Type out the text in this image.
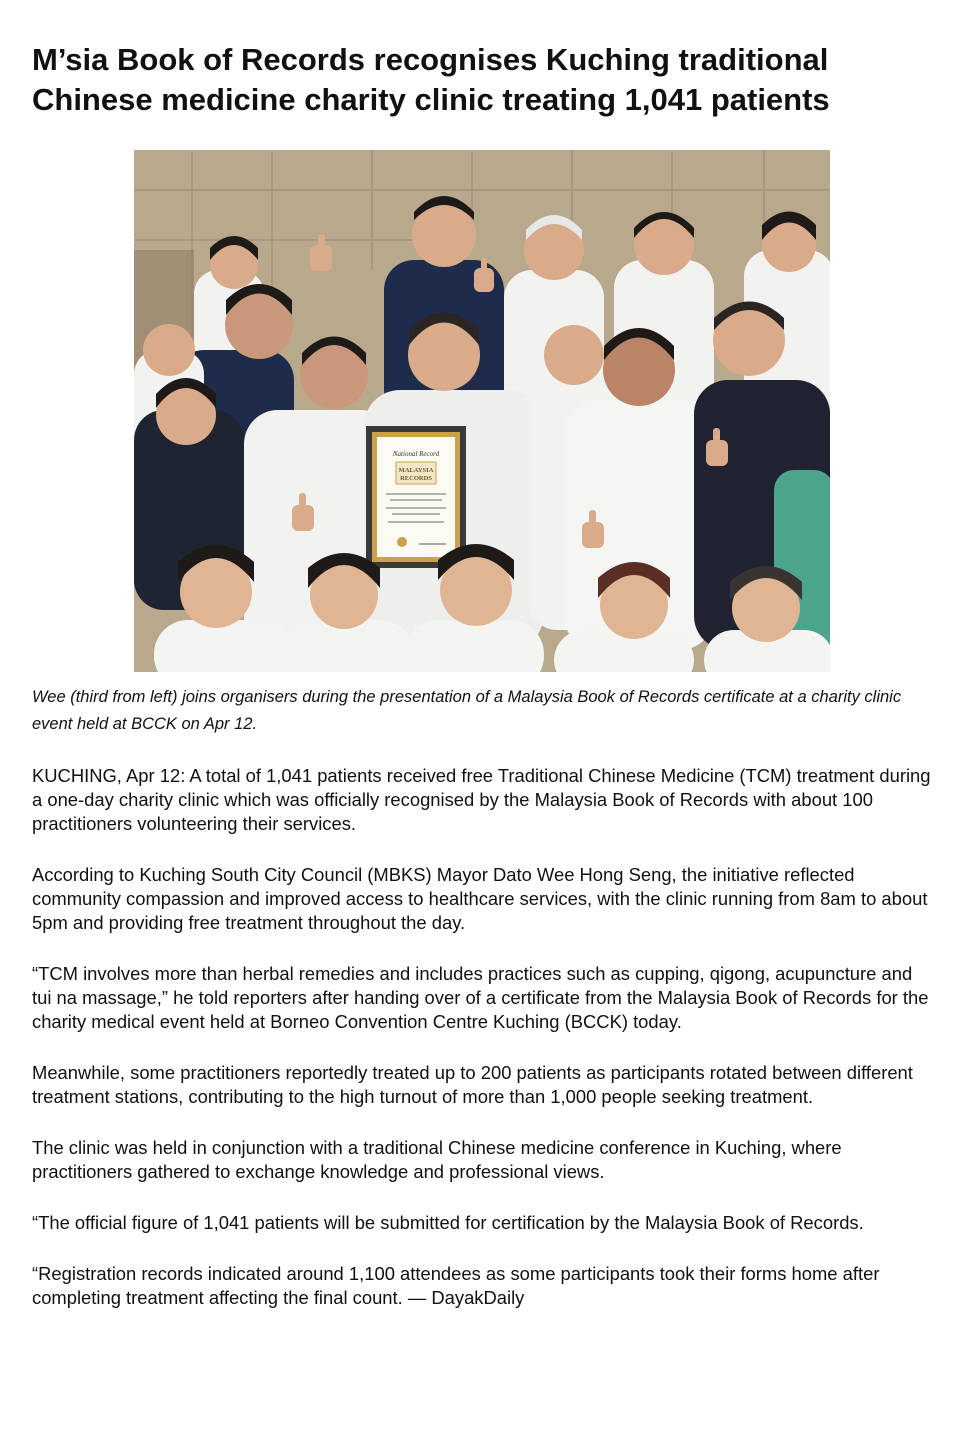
M’sia Book of Records recognises Kuching traditional Chinese medicine charity clinic treating 1,041 patients
National Record
MALAYSIA
RECORDS
Wee (third from left) joins organisers during the presentation of a Malaysia Book of Records certificate at a charity clinic event held at BCCK on Apr 12.

KUCHING, Apr 12: A total of 1,041 patients received free Traditional Chinese Medicine (TCM) treatment during a one-day charity clinic which was officially recognised by the Malaysia Book of Records with about 100 practitioners volunteering their services.

According to Kuching South City Council (MBKS) Mayor Dato Wee Hong Seng, the initiative reflected community compassion and improved access to healthcare services, with the clinic running from 8am to about 5pm and providing free treatment throughout the day.

“TCM involves more than herbal remedies and includes practices such as cupping, qigong, acupuncture and tui na massage,” he told reporters after handing over of a certificate from the Malaysia Book of Records for the charity medical event held at Borneo Convention Centre Kuching (BCCK) today.

Meanwhile, some practitioners reportedly treated up to 200 patients as participants rotated between different treatment stations, contributing to the high turnout of more than 1,000 people seeking treatment.

The clinic was held in conjunction with a traditional Chinese medicine conference in Kuching, where practitioners gathered to exchange knowledge and professional views.

“The official figure of 1,041 patients will be submitted for certification by the Malaysia Book of Records.

“Registration records indicated around 1,100 attendees as some participants took their forms home after completing treatment affecting the final count. — DayakDaily
